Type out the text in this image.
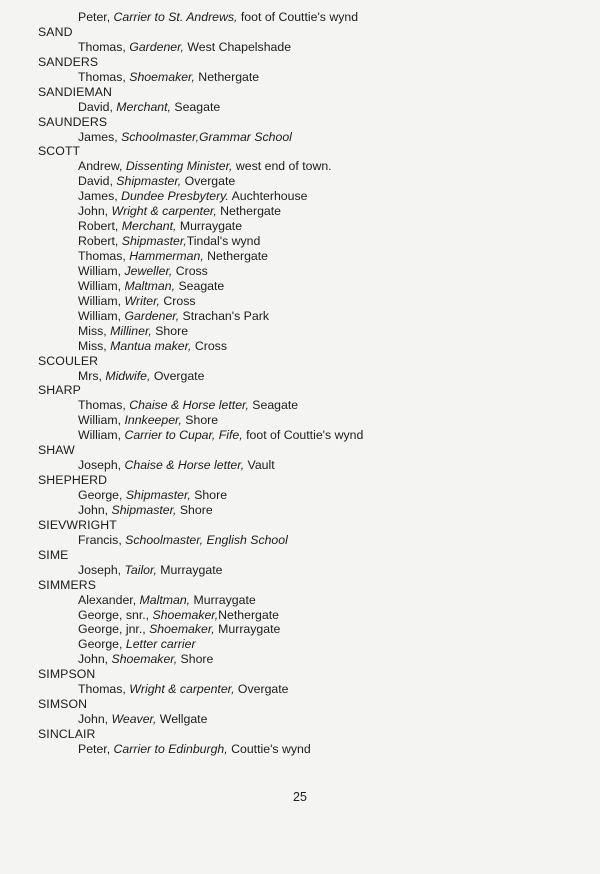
Peter, Carrier to St. Andrews, foot of Couttie's wynd
SAND
Thomas, Gardener, West Chapelshade
SANDERS
Thomas, Shoemaker, Nethergate
SANDIEMAN
David, Merchant, Seagate
SAUNDERS
James, Schoolmaster,Grammar School
SCOTT
Andrew, Dissenting Minister, west end of town.
David, Shipmaster, Overgate
James, Dundee Presbytery. Auchterhouse
John, Wright & carpenter, Nethergate
Robert, Merchant, Murraygate
Robert, Shipmaster,Tindal's wynd
Thomas, Hammerman, Nethergate
William, Jeweller, Cross
William, Maltman, Seagate
William, Writer, Cross
William, Gardener, Strachan's Park
Miss, Milliner, Shore
Miss, Mantua maker, Cross
SCOULER
Mrs, Midwife, Overgate
SHARP
Thomas, Chaise & Horse letter, Seagate
William, Innkeeper, Shore
William, Carrier to Cupar, Fife, foot of Couttie's wynd
SHAW
Joseph, Chaise & Horse letter, Vault
SHEPHERD
George, Shipmaster, Shore
John, Shipmaster, Shore
SIEVWRIGHT
Francis, Schoolmaster, English School
SIME
Joseph, Tailor, Murraygate
SIMMERS
Alexander, Maltman, Murraygate
George, snr., Shoemaker,Nethergate
George, jnr., Shoemaker, Murraygate
George, Letter carrier
John, Shoemaker, Shore
SIMPSON
Thomas, Wright & carpenter, Overgate
SIMSON
John, Weaver, Wellgate
SINCLAIR
Peter, Carrier to Edinburgh, Couttie's wynd
25
